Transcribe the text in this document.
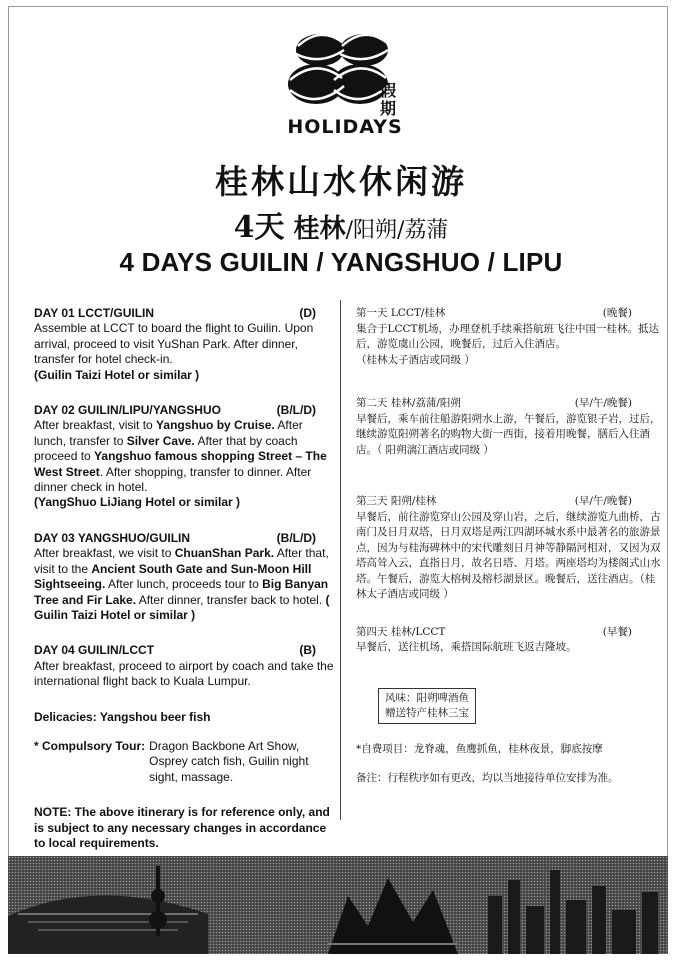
假期
HOLIDAYS
桂林山水休闲游
4天 桂林/阳朔/荔蒲
4 DAYS GUILIN / YANGSHUO / LIPU
DAY 01 LCCT/GUILIN	(D)
Assemble at LCCT to board the flight to Guilin. Upon arrival, proceed to visit YuShan Park. After dinner, transfer for hotel check-in.
(Guilin Taizi Hotel or similar )
DAY 02 GUILIN/LIPU/YANGSHUO	(B/L/D)
After breakfast, visit to Yangshuo by Cruise. After lunch, transfer to Silver Cave. After that by coach proceed to Yangshuo famous shopping Street – The West Street. After shopping, transfer to dinner. After dinner check in hotel.
(YangShuo LiJiang Hotel or similar )
DAY 03 YANGSHUO/GUILIN	(B/L/D)
After breakfast, we visit to ChuanShan Park. After that, visit to the Ancient South Gate and Sun-Moon Hill Sightseeing. After lunch, proceeds tour to Big Banyan Tree and Fir Lake. After dinner, transfer back to hotel. ( Guilin Taizi Hotel or similar )
DAY 04 GUILIN/LCCT	(B)
After breakfast, proceed to airport by coach and take the international flight back to Kuala Lumpur.
Delicacies: Yangshou beer fish
* Compulsory Tour: Dragon Backbone Art Show, Osprey catch fish, Guilin night sight, massage.
NOTE: The above itinerary is for reference only, and is subject to any necessary changes in accordance to local requirements.
第一天 LCCT/桂林	(晚餐)
集合于LCCT机场，办理登机手续乘搭航班飞往中国一桂林。抵达后，游览虞山公园，晚餐后，过后入住酒店。
（桂林太子酒店或同级 ）
第二天 桂林/荔蒲/阳朔	(早/午/晚餐)
早餐后，乘车前往船游阳朔水上游，午餐后，游览银子岩，过后，继续游览阳朔著名的购物大街一西街，接着用晚餐，膳后入住酒店。（ 阳朔漓江酒店或同级 ）
第三天 阳朔/桂林	(早/午/晚餐)
早餐后，前往游览穿山公园及穿山岩，之后，继续游览九曲桥，古南门及日月双塔，日月双塔是两江四湖环城水系中最著名的旅游景点，因为与桂海碑林中的宋代雕刻日月神等静隔河相对，又因为双塔高耸入云，直指日月，故名日塔、月塔。两座塔均为楼阁式山水塔。午餐后，游览大榕树及榕杉湖景区。晚餐后，送往酒店。（桂林太子酒店或同级 ）
第四天 桂林/LCCT	(早餐)
早餐后，送往机场，乘搭国际航班飞返吉隆坡。
风味：阳朔啤酒鱼
赠送特产桂林三宝
*自费项目：龙脊魂，鱼鹰抓鱼，桂林夜景，脚底按摩
备注：行程秩序如有更改，均以当地接待单位安排为准。
